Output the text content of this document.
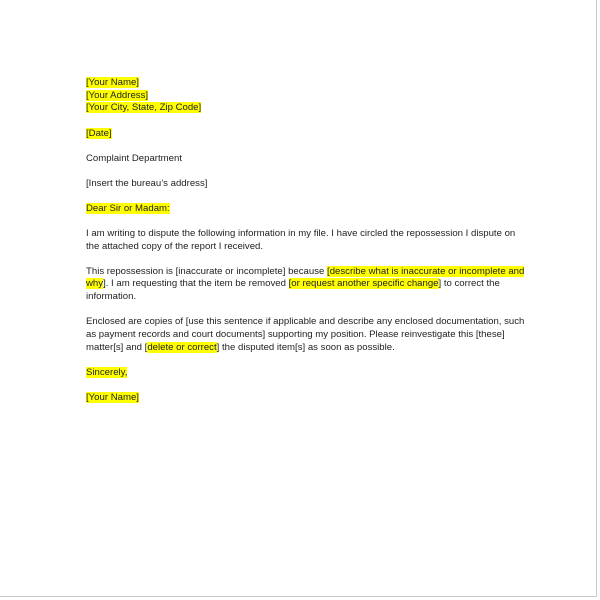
[Your Name]
[Your Address]
[Your City, State, Zip Code]
[Date]
Complaint Department
[Insert the bureau’s address]
Dear Sir or Madam:
I am writing to dispute the following information in my file. I have circled the repossession I dispute on
the attached copy of the report I received.
This repossession is [inaccurate or incomplete] because [describe what is inaccurate or incomplete and
why]. I am requesting that the item be removed [or request another specific change] to correct the
information.
Enclosed are copies of [use this sentence if applicable and describe any enclosed documentation, such
as payment records and court documents] supporting my position. Please reinvestigate this [these]
matter[s] and [delete or correct] the disputed item[s] as soon as possible.
Sincerely,
[Your Name]
